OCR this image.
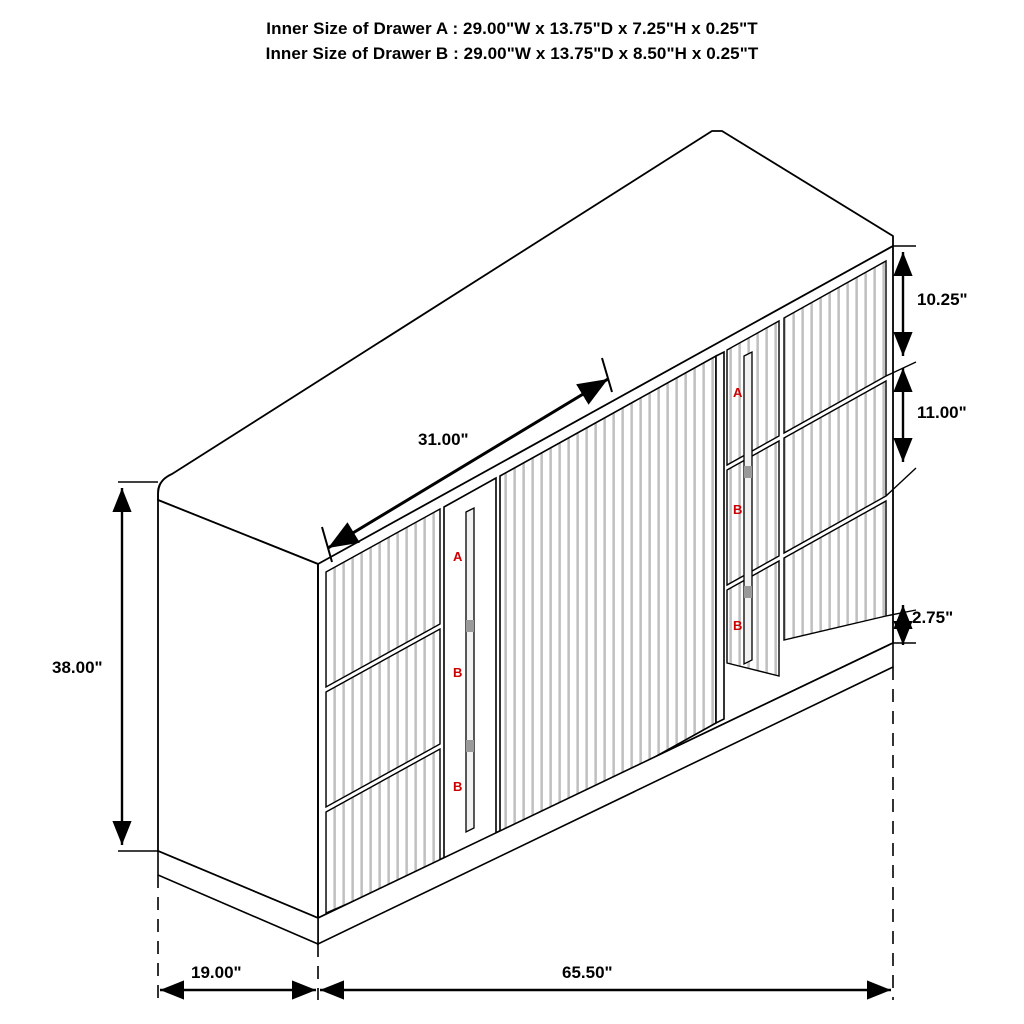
Inner Size of Drawer A : 29.00"W x 13.75"D x 7.25"H x 0.25"T
Inner Size of Drawer B : 29.00"W x 13.75"D x 8.50"H x 0.25"T
31.00"
10.25"
11.00"
2.75"
38.00"
19.00"	65.50"
A
B
B
A
B
B
